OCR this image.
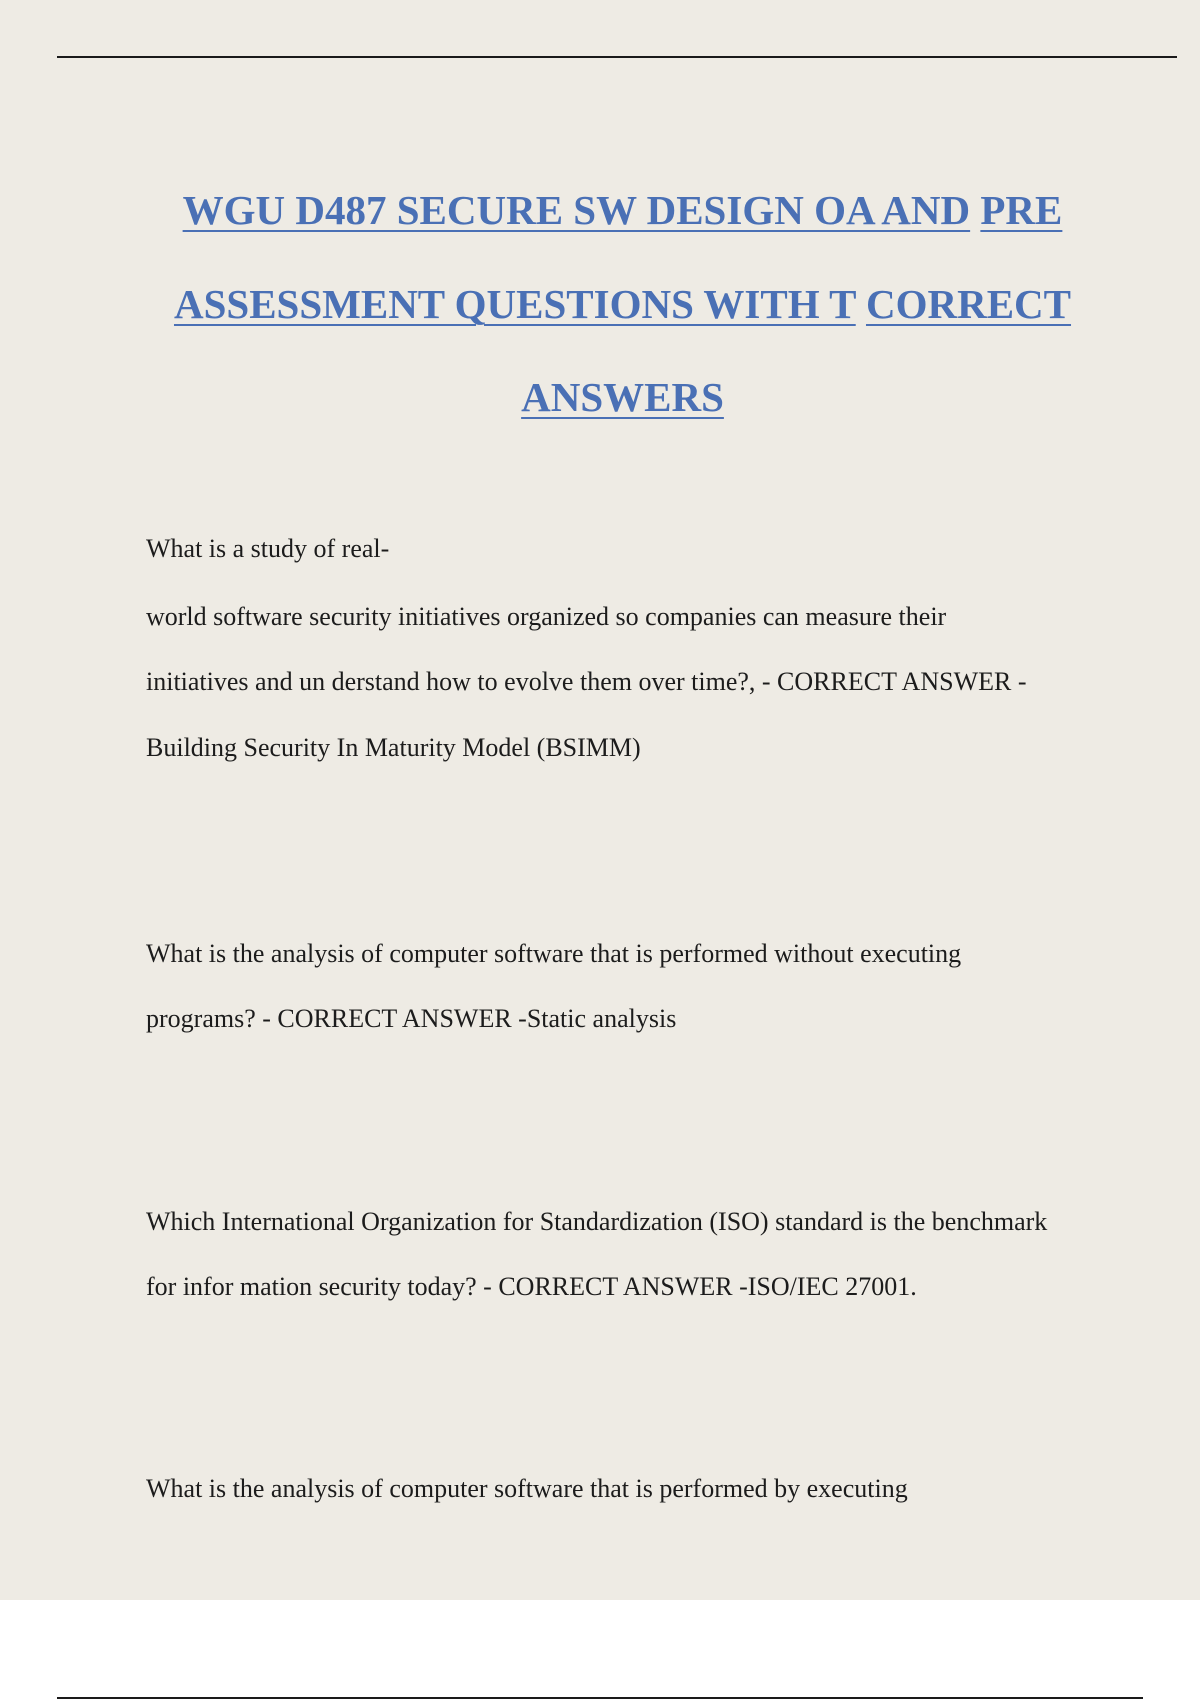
WGU D487 SECURE SW DESIGN OA AND PRE
ASSESSMENT QUESTIONS WITH T CORRECT
ANSWERS
What is a study of real-
world software security initiatives organized so companies can measure their
initiatives and un derstand how to evolve them over time?, - CORRECT ANSWER -
Building Security In Maturity Model (BSIMM)
What is the analysis of computer software that is performed without executing
programs? - CORRECT ANSWER -Static analysis
Which International Organization for Standardization (ISO) standard is the benchmark
for infor mation security today? - CORRECT ANSWER -ISO/IEC 27001.
What is the analysis of computer software that is performed by executing
